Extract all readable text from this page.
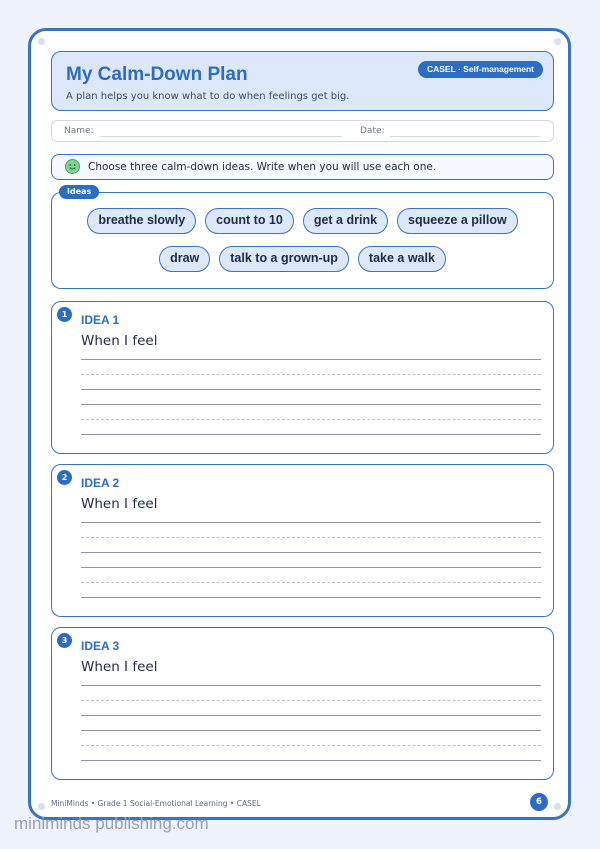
My Calm-Down Plan
A plan helps you know what to do when feelings get big.
CASEL · Self-management
Name:	Date:
Choose three calm-down ideas. Write when you will use each one.
Ideas
breathe slowly	count to 10	get a drink	squeeze a pillow
draw	talk to a grown-up	take a walk
1	IDEA 1
When I feel
2	IDEA 2
When I feel
3	IDEA 3
When I feel
MiniMinds • Grade 1 Social-Emotional Learning • CASEL	6
miniminds publishing.com
